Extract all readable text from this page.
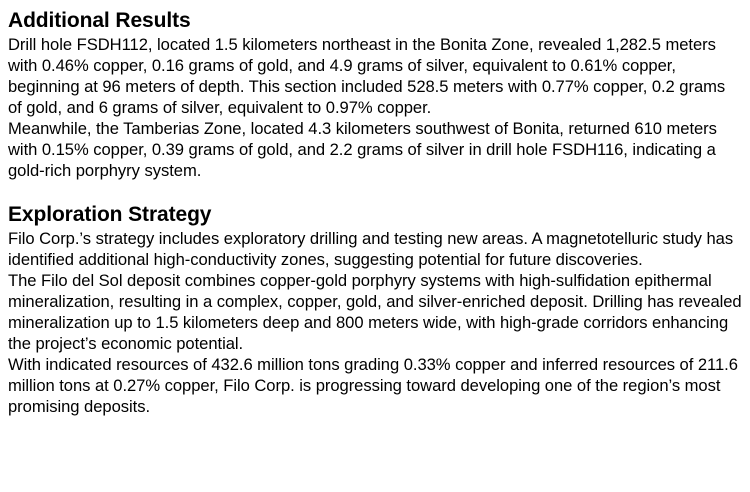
Additional Results

Drill hole FSDH112, located 1.5 kilometers northeast in the Bonita Zone, revealed 1,282.5 meters with 0.46% copper, 0.16 grams of gold, and 4.9 grams of silver, equivalent to 0.61% copper, beginning at 96 meters of depth. This section included 528.5 meters with 0.77% copper, 0.2 grams of gold, and 6 grams of silver, equivalent to 0.97% copper.

Meanwhile, the Tamberias Zone, located 4.3 kilometers southwest of Bonita, returned 610 meters with 0.15% copper, 0.39 grams of gold, and 2.2 grams of silver in drill hole FSDH116, indicating a gold-rich porphyry system.

Exploration Strategy

Filo Corp.’s strategy includes exploratory drilling and testing new areas. A magnetotelluric study has identified additional high-conductivity zones, suggesting potential for future discoveries.

The Filo del Sol deposit combines copper-gold porphyry systems with high-sulfidation epithermal mineralization, resulting in a complex, copper, gold, and silver-enriched deposit. Drilling has revealed mineralization up to 1.5 kilometers deep and 800 meters wide, with high-grade corridors enhancing the project’s economic potential.

With indicated resources of 432.6 million tons grading 0.33% copper and inferred resources of 211.6 million tons at 0.27% copper, Filo Corp. is progressing toward developing one of the region’s most promising deposits.
